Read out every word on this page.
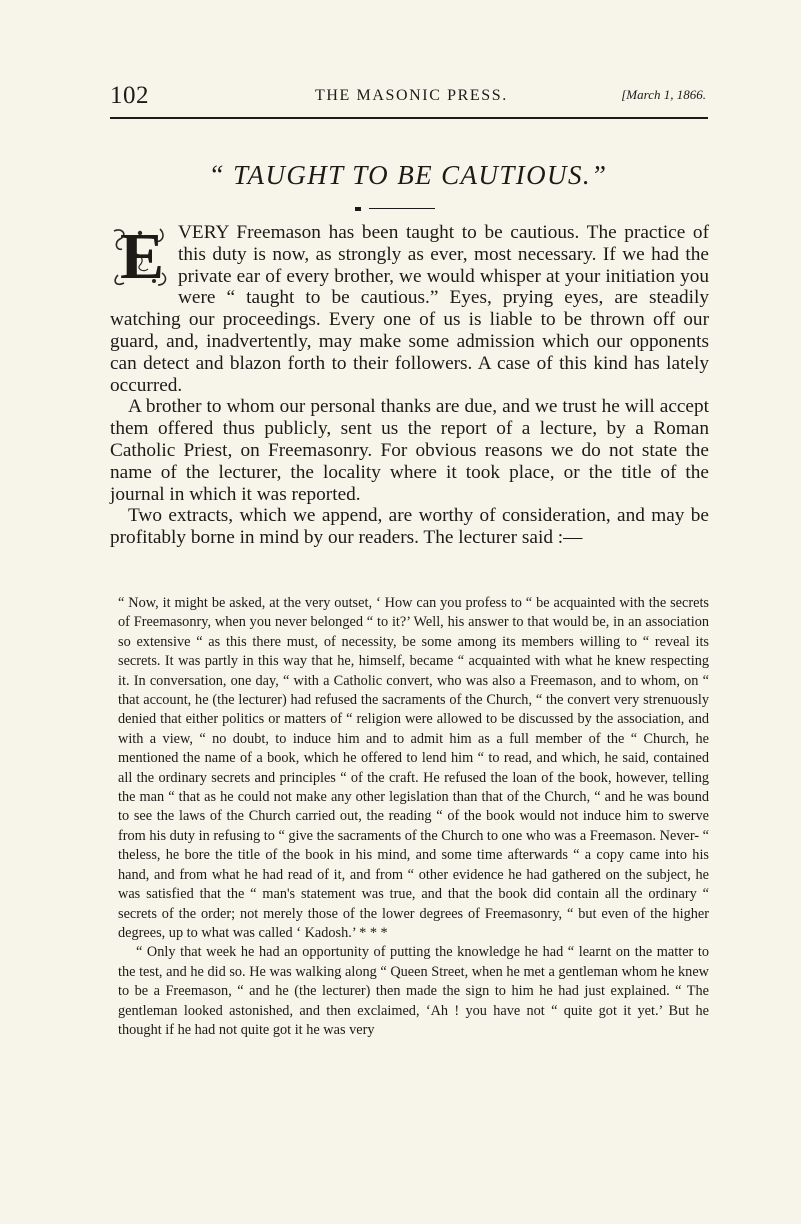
102	THE MASONIC PRESS.	[March 1, 1866.
“ TAUGHT TO BE CAUTIOUS.”
E VERY Freemason has been taught to be cautious. The practice of this duty is now, as strongly as ever, most necessary. If we had the private ear of every brother, we would whisper at your initiation you were “ taught to be cautious.” Eyes, prying eyes, are steadily watching our proceedings. Every one of us is liable to be thrown off our guard, and, inadvertently, may make some admission which our opponents can detect and blazon forth to their followers. A case of this kind has lately occurred.

A brother to whom our personal thanks are due, and we trust he will accept them offered thus publicly, sent us the report of a lecture, by a Roman Catholic Priest, on Freemasonry. For obvious reasons we do not state the name of the lecturer, the locality where it took place, or the title of the journal in which it was reported.

Two extracts, which we append, are worthy of consideration, and may be profitably borne in mind by our readers. The lecturer said :—

“ Now, it might be asked, at the very outset, ‘ How can you profess to “ be acquainted with the secrets of Freemasonry, when you never belonged “ to it?’ Well, his answer to that would be, in an association so extensive “ as this there must, of necessity, be some among its members willing to “ reveal its secrets. It was partly in this way that he, himself, became “ acquainted with what he knew respecting it. In conversation, one day, “ with a Catholic convert, who was also a Freemason, and to whom, on “ that account, he (the lecturer) had refused the sacraments of the Church, “ the convert very strenuously denied that either politics or matters of “ religion were allowed to be discussed by the association, and with a view, “ no doubt, to induce him and to admit him as a full member of the “ Church, he mentioned the name of a book, which he offered to lend him “ to read, and which, he said, contained all the ordinary secrets and principles “ of the craft. He refused the loan of the book, however, telling the man “ that as he could not make any other legislation than that of the Church, “ and he was bound to see the laws of the Church carried out, the reading “ of the book would not induce him to swerve from his duty in refusing to “ give the sacraments of the Church to one who was a Freemason. Never- “ theless, he bore the title of the book in his mind, and some time afterwards “ a copy came into his hand, and from what he had read of it, and from “ other evidence he had gathered on the subject, he was satisfied that the “ man's statement was true, and that the book did contain all the ordinary “ secrets of the order; not merely those of the lower degrees of Freemasonry, “ but even of the higher degrees, up to what was called ‘ Kadosh.’ * * *

“ Only that week he had an opportunity of putting the knowledge he had “ learnt on the matter to the test, and he did so. He was walking along “ Queen Street, when he met a gentleman whom he knew to be a Freemason, “ and he (the lecturer) then made the sign to him he had just explained. “ The gentleman looked astonished, and then exclaimed, ‘Ah ! you have not “ quite got it yet.’ But he thought if he had not quite got it he was very
